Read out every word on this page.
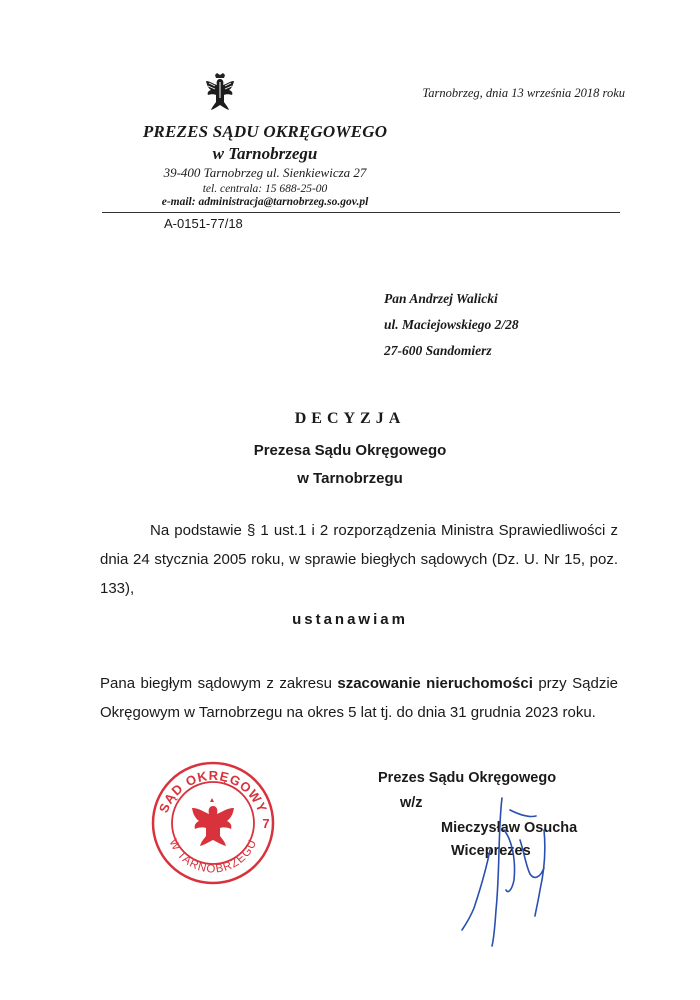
Tarnobrzeg, dnia 13 września 2018 roku
PREZES SĄDU OKRĘGOWEGO
w Tarnobrzegu
39-400 Tarnobrzeg ul. Sienkiewicza 27
tel. centrala: 15 688-25-00
e-mail: administracja@tarnobrzeg.so.gov.pl
A-0151-77/18
Pan Andrzej Walicki
ul. Maciejowskiego 2/28
27-600 Sandomierz
DECYZJA
Prezesa Sądu Okręgowego
w Tarnobrzegu
Na podstawie § 1 ust.1 i 2 rozporządzenia Ministra Sprawiedliwości z dnia 24 stycznia 2005 roku, w sprawie biegłych sądowych (Dz. U. Nr 15, poz. 133),
ustanawiam
Pana biegłym sądowym z zakresu szacowanie nieruchomości przy Sądzie Okręgowym w Tarnobrzegu na okres 5 lat tj. do dnia 31 grudnia 2023 roku.
SĄD OKRĘGOWY
W TARNOBRZEGU
7
Prezes Sądu Okręgowego
w/z
Mieczysław Osucha
Wiceprezes
